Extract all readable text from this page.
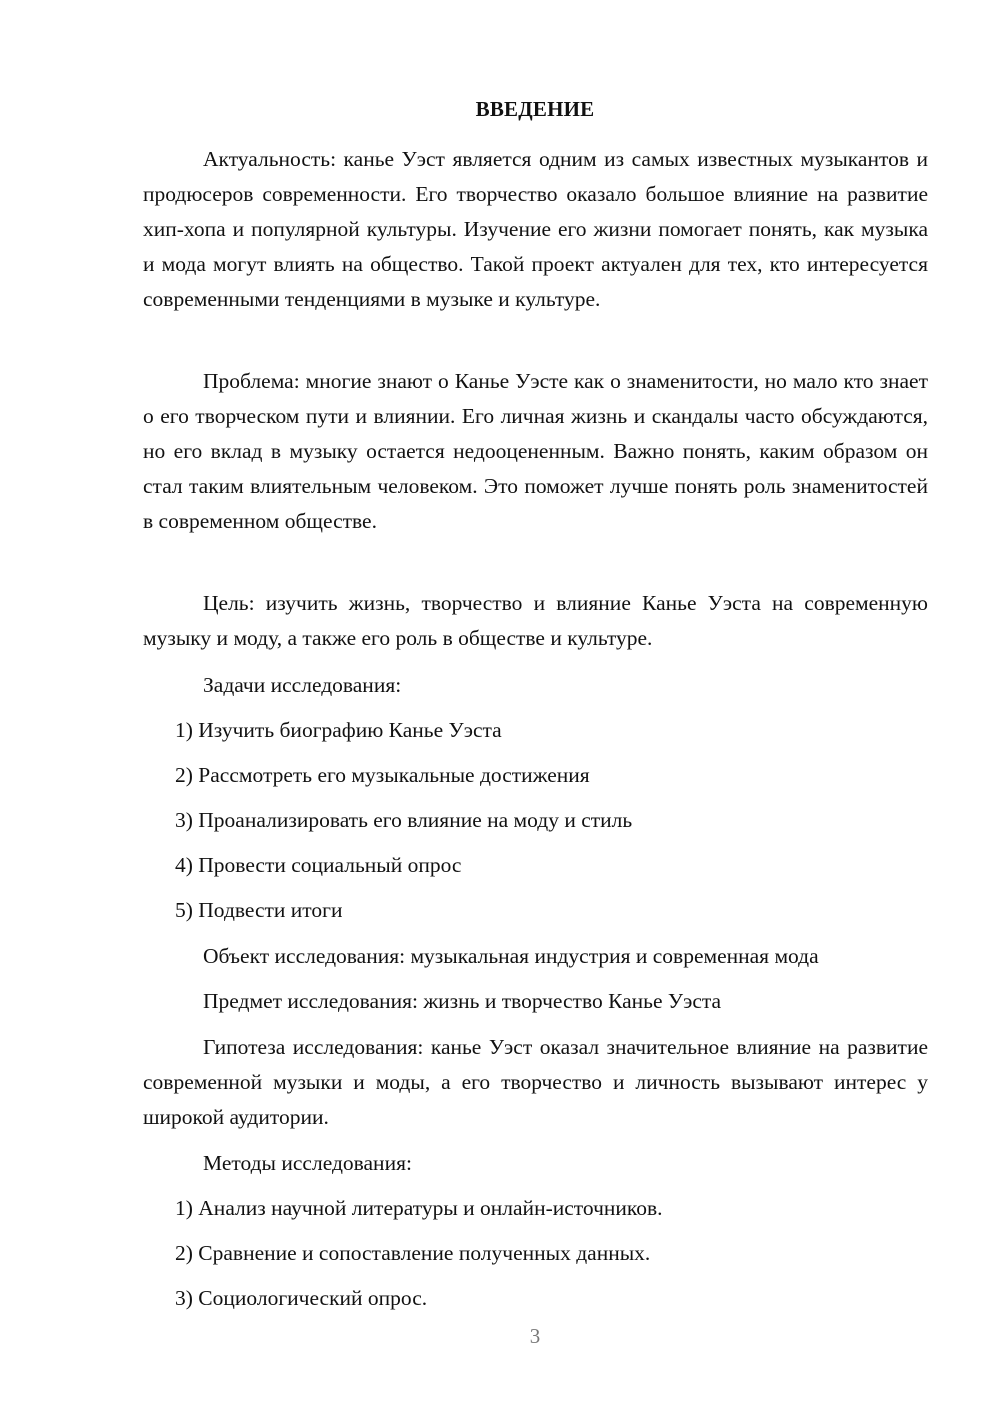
ВВЕДЕНИЕ

Актуальность: канье Уэст является одним из самых известных музыкантов и продюсеров современности. Его творчество оказало большое влияние на развитие хип-хопа и популярной культуры. Изучение его жизни помогает понять, как музыка и мода могут влиять на общество. Такой проект актуален для тех, кто интересуется современными тенденциями в музыке и культуре.

Проблема: многие знают о Канье Уэсте как о знаменитости, но мало кто знает о его творческом пути и влиянии. Его личная жизнь и скандалы часто обсуждаются, но его вклад в музыку остается недооцененным. Важно понять, каким образом он стал таким влиятельным человеком. Это поможет лучше понять роль знаменитостей в современном обществе.

Цель: изучить жизнь, творчество и влияние Канье Уэста на современную музыку и моду, а также его роль в обществе и культуре.

Задачи исследования:

1) Изучить биографию Канье Уэста

2) Рассмотреть его музыкальные достижения

3) Проанализировать его влияние на моду и стиль

4) Провести социальный опрос

5) Подвести итоги

Объект исследования: музыкальная индустрия и современная мода

Предмет исследования: жизнь и творчество Канье Уэста

Гипотеза исследования: канье Уэст оказал значительное влияние на развитие современной музыки и моды, а его творчество и личность вызывают интерес у широкой аудитории.

Методы исследования:

1) Анализ научной литературы и онлайн-источников.

2) Сравнение и сопоставление полученных данных.

3) Социологический опрос.

3
